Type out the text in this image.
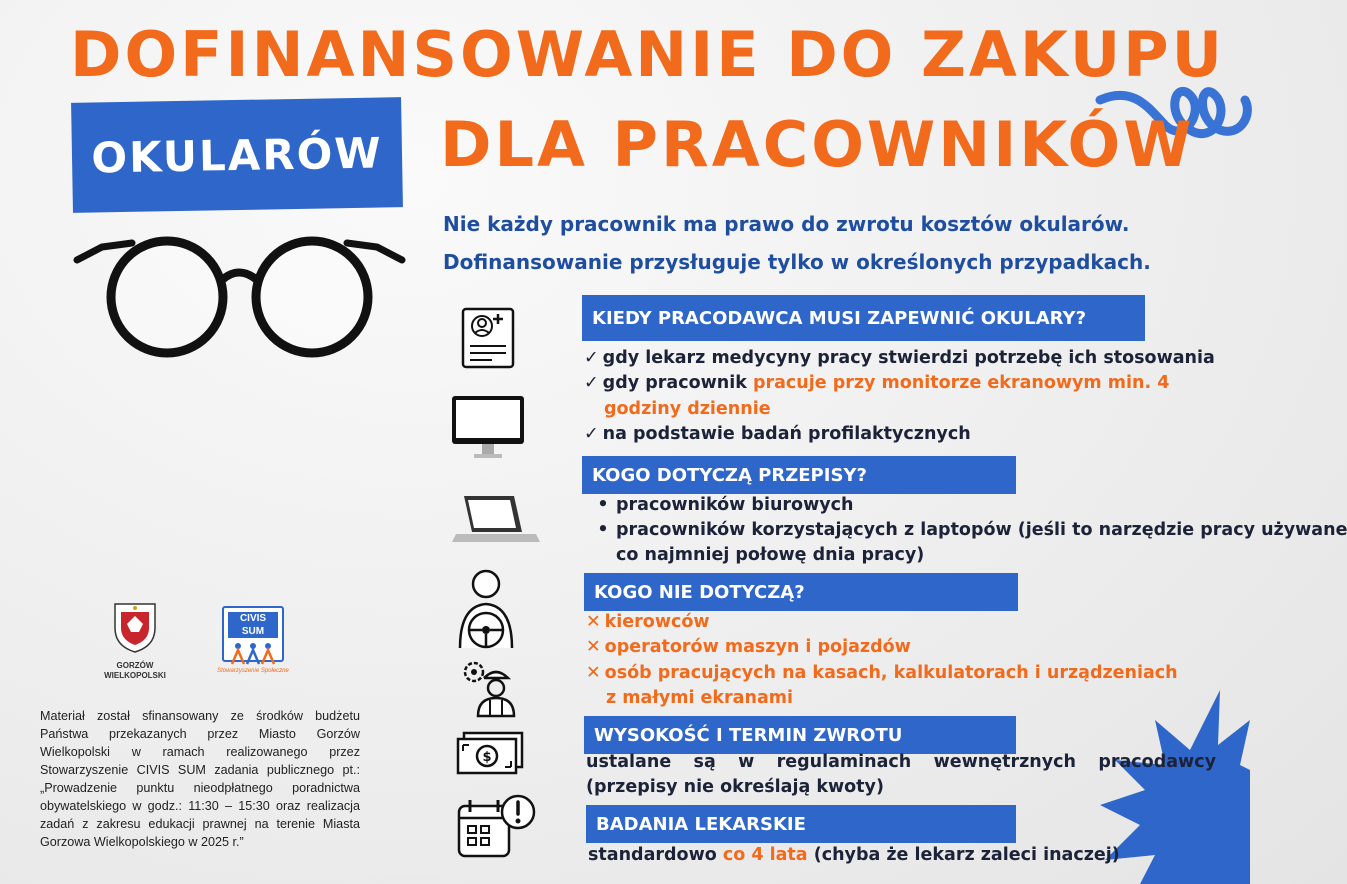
DOFINANSOWANIE DO ZAKUPU
OKULARÓW DLA PRACOWNIKÓW
Nie każdy pracownik ma prawo do zwrotu kosztów okularów.
Dofinansowanie przysługuje tylko w określonych przypadkach.
$
KIEDY PRACODAWCA MUSI ZAPEWNIĆ OKULARY?
✓ gdy lekarz medycyny pracy stwierdzi potrzebę ich stosowania
✓ gdy pracownik pracuje przy monitorze ekranowym min. 4
godziny dziennie
✓ na podstawie badań profilaktycznych
KOGO DOTYCZĄ PRZEPISY?
• pracowników biurowych
• pracowników korzystających z laptopów (jeśli to narzędzie pracy używane
co najmniej połowę dnia pracy)
KOGO NIE DOTYCZĄ?
✕ kierowców
✕ operatorów maszyn i pojazdów
✕ osób pracujących na kasach, kalkulatorach i urządzeniach
z małymi ekranami
WYSOKOŚĆ I TERMIN ZWROTU
ustalane są w regulaminach wewnętrznych pracodawcy
(przepisy nie określają kwoty)
BADANIA LEKARSKIE
standardowo co 4 lata (chyba że lekarz zaleci inaczej)
GORZÓW
WIELKOPOLSKI
CIVIS SUM
Stowarzyszenie Społeczne
Materiał został sfinansowany ze środków budżetu Państwa przekazanych przez Miasto Gorzów Wielkopolski w ramach realizowanego przez Stowarzyszenie CIVIS SUM zadania publicznego pt.: „Prowadzenie punktu nieodpłatnego poradnictwa obywatelskiego w godz.: 11:30 – 15:30 oraz realizacja zadań z zakresu edukacji prawnej na terenie Miasta Gorzowa Wielkopolskiego w 2025 r.”
